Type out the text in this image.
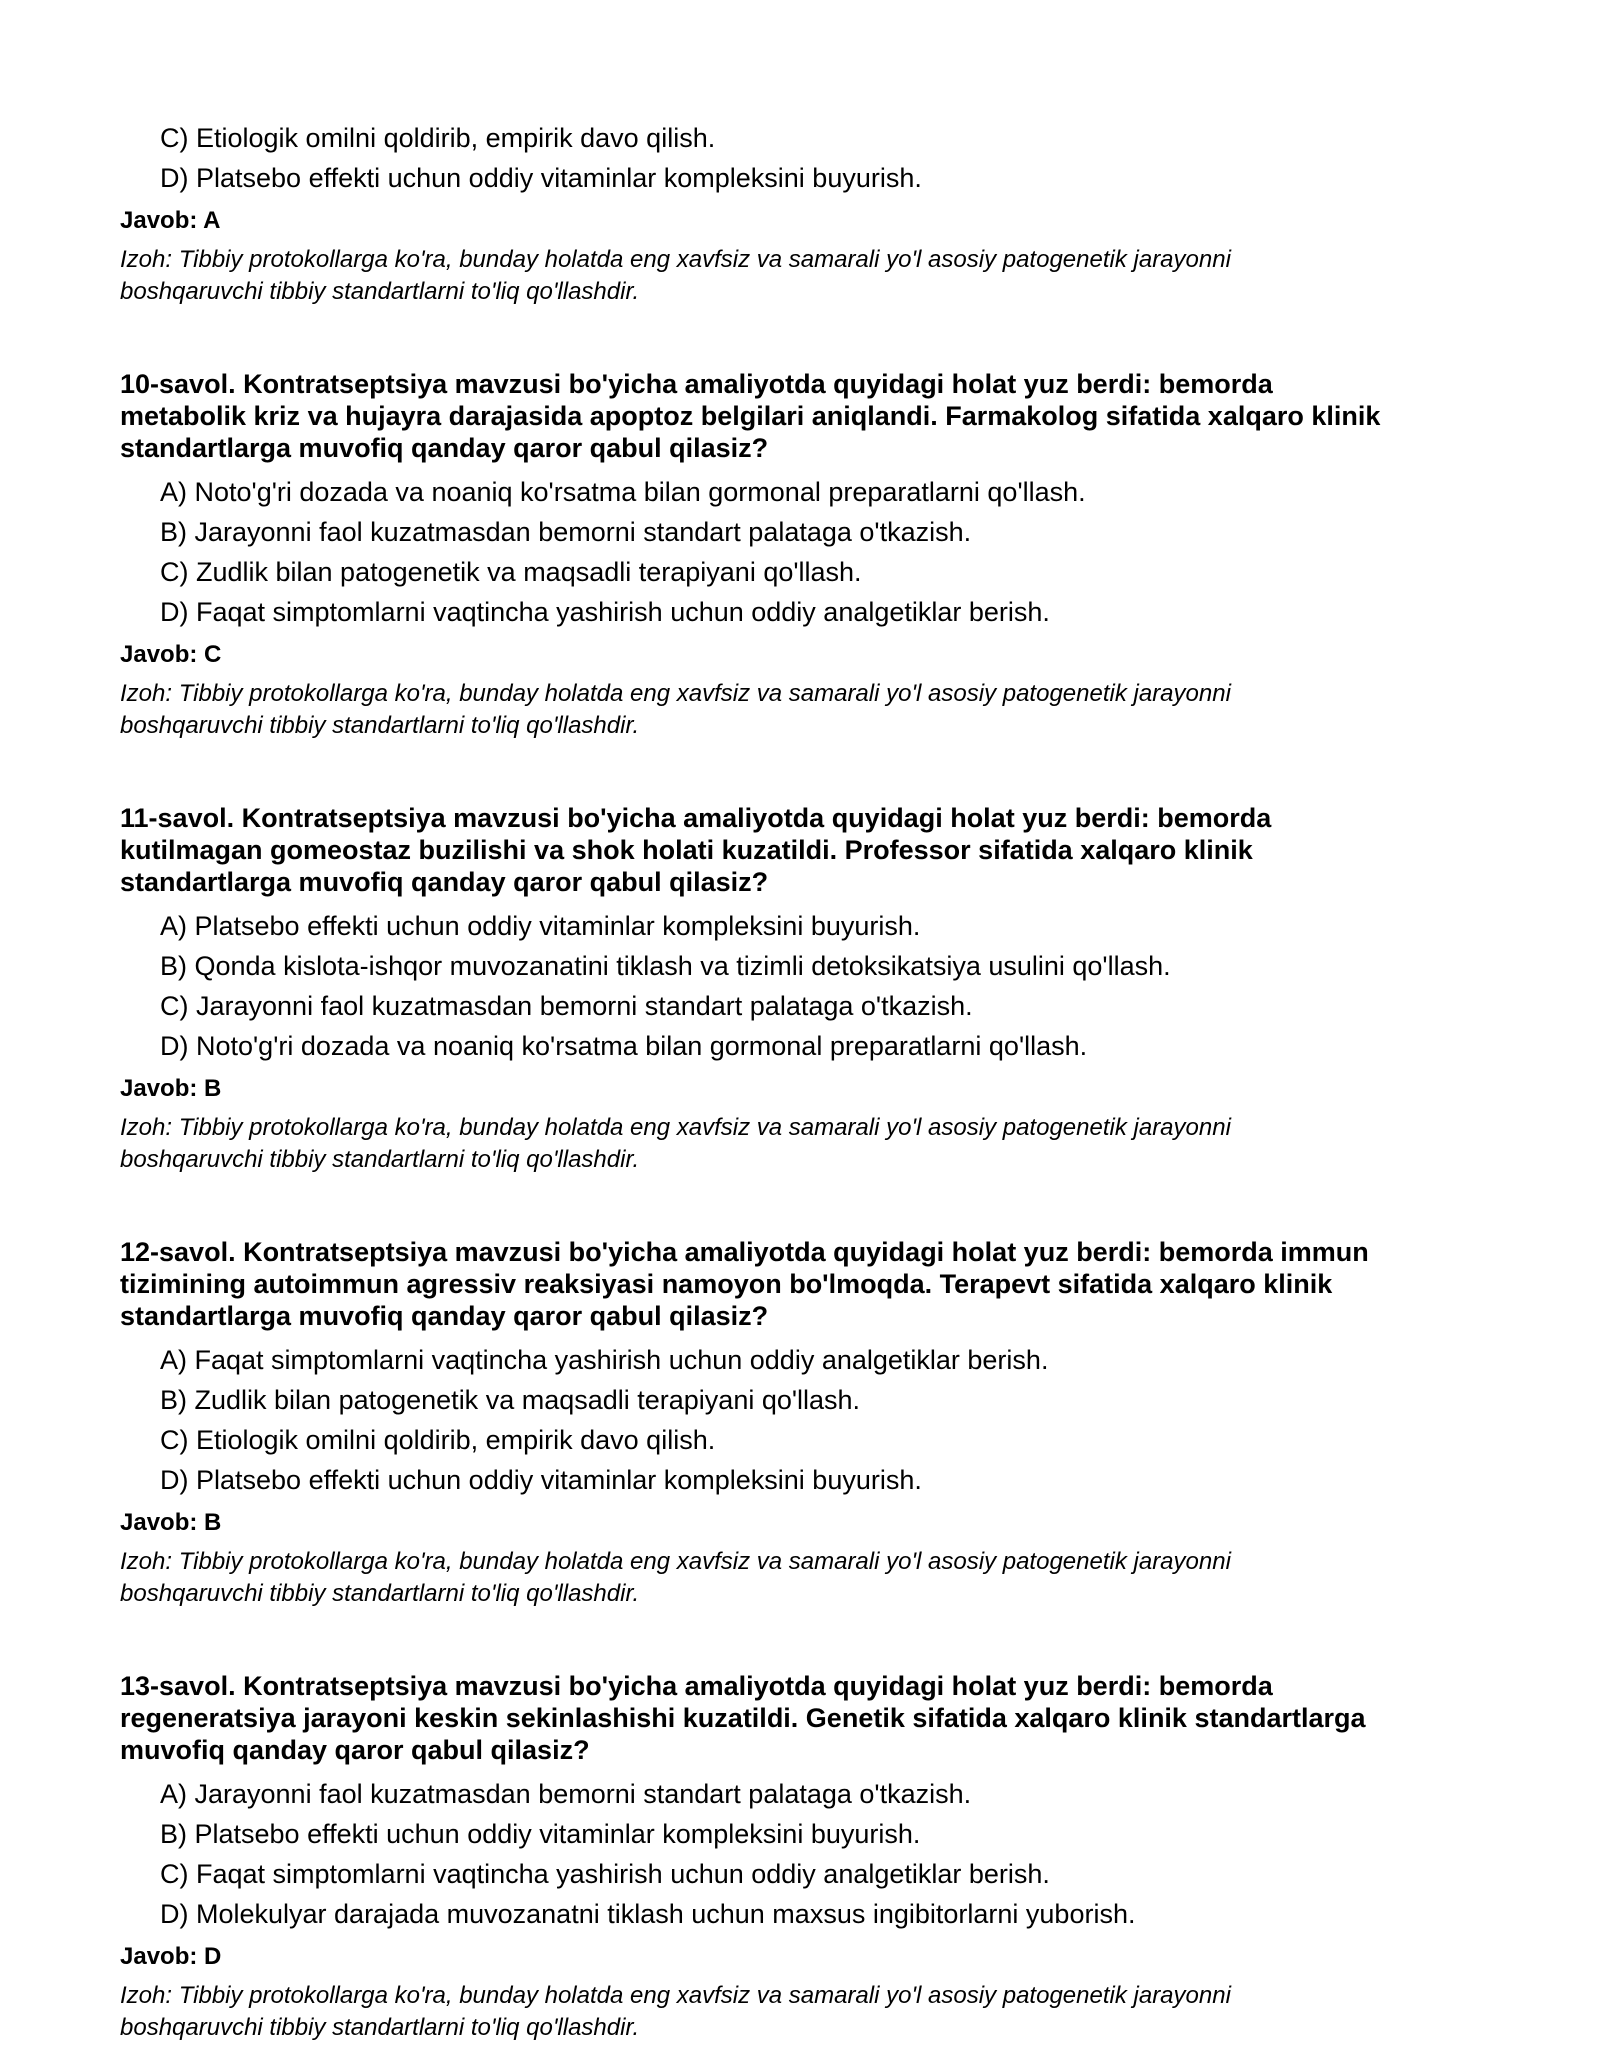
C) Etiologik omilni qoldirib, empirik davo qilish.
D) Platsebo effekti uchun oddiy vitaminlar kompleksini buyurish.
Javob: A
Izoh: Tibbiy protokollarga ko'ra, bunday holatda eng xavfsiz va samarali yo'l asosiy patogenetik jarayonni
boshqaruvchi tibbiy standartlarni to'liq qo'llashdir.
10-savol. Kontratseptsiya mavzusi bo'yicha amaliyotda quyidagi holat yuz berdi: bemorda
metabolik kriz va hujayra darajasida apoptoz belgilari aniqlandi. Farmakolog sifatida xalqaro klinik
standartlarga muvofiq qanday qaror qabul qilasiz?
A) Noto'g'ri dozada va noaniq ko'rsatma bilan gormonal preparatlarni qo'llash.
B) Jarayonni faol kuzatmasdan bemorni standart palataga o'tkazish.
C) Zudlik bilan patogenetik va maqsadli terapiyani qo'llash.
D) Faqat simptomlarni vaqtincha yashirish uchun oddiy analgetiklar berish.
Javob: C
Izoh: Tibbiy protokollarga ko'ra, bunday holatda eng xavfsiz va samarali yo'l asosiy patogenetik jarayonni
boshqaruvchi tibbiy standartlarni to'liq qo'llashdir.
11-savol. Kontratseptsiya mavzusi bo'yicha amaliyotda quyidagi holat yuz berdi: bemorda
kutilmagan gomeostaz buzilishi va shok holati kuzatildi. Professor sifatida xalqaro klinik
standartlarga muvofiq qanday qaror qabul qilasiz?
A) Platsebo effekti uchun oddiy vitaminlar kompleksini buyurish.
B) Qonda kislota-ishqor muvozanatini tiklash va tizimli detoksikatsiya usulini qo'llash.
C) Jarayonni faol kuzatmasdan bemorni standart palataga o'tkazish.
D) Noto'g'ri dozada va noaniq ko'rsatma bilan gormonal preparatlarni qo'llash.
Javob: B
Izoh: Tibbiy protokollarga ko'ra, bunday holatda eng xavfsiz va samarali yo'l asosiy patogenetik jarayonni
boshqaruvchi tibbiy standartlarni to'liq qo'llashdir.
12-savol. Kontratseptsiya mavzusi bo'yicha amaliyotda quyidagi holat yuz berdi: bemorda immun
tizimining autoimmun agressiv reaksiyasi namoyon bo'lmoqda. Terapevt sifatida xalqaro klinik
standartlarga muvofiq qanday qaror qabul qilasiz?
A) Faqat simptomlarni vaqtincha yashirish uchun oddiy analgetiklar berish.
B) Zudlik bilan patogenetik va maqsadli terapiyani qo'llash.
C) Etiologik omilni qoldirib, empirik davo qilish.
D) Platsebo effekti uchun oddiy vitaminlar kompleksini buyurish.
Javob: B
Izoh: Tibbiy protokollarga ko'ra, bunday holatda eng xavfsiz va samarali yo'l asosiy patogenetik jarayonni
boshqaruvchi tibbiy standartlarni to'liq qo'llashdir.
13-savol. Kontratseptsiya mavzusi bo'yicha amaliyotda quyidagi holat yuz berdi: bemorda
regeneratsiya jarayoni keskin sekinlashishi kuzatildi. Genetik sifatida xalqaro klinik standartlarga
muvofiq qanday qaror qabul qilasiz?
A) Jarayonni faol kuzatmasdan bemorni standart palataga o'tkazish.
B) Platsebo effekti uchun oddiy vitaminlar kompleksini buyurish.
C) Faqat simptomlarni vaqtincha yashirish uchun oddiy analgetiklar berish.
D) Molekulyar darajada muvozanatni tiklash uchun maxsus ingibitorlarni yuborish.
Javob: D
Izoh: Tibbiy protokollarga ko'ra, bunday holatda eng xavfsiz va samarali yo'l asosiy patogenetik jarayonni
boshqaruvchi tibbiy standartlarni to'liq qo'llashdir.
